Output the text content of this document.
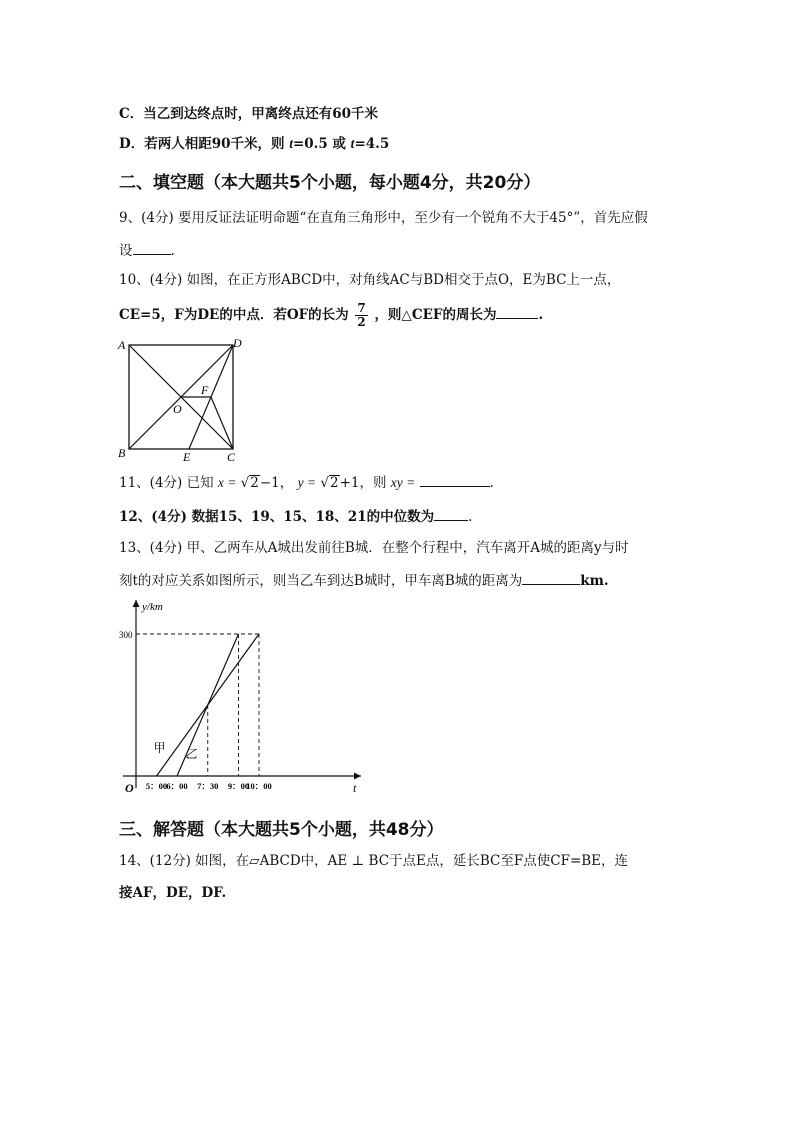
C．当乙到达终点时，甲离终点还有60千米
D．若两人相距90千米，则 t=0.5 或 t=4.5
二、填空题（本大题共5个小题，每小题4分，共20分）
9、(4分) 要用反证法证明命题“在直角三角形中，至少有一个锐角不大于45°”，首先应假
设	.
10、(4分) 如图，在正方形ABCD中，对角线AC与BD相交于点O，E为BC上一点，
CE=5，F为DE的中点．若OF的长为 $\frac{7}{2}$ ，则△CEF的周长为	.
A
B	C
D
O
E
F
11、(4分) 已知 x = √2−1， y = √2+1，则 xy =	.
12、(4分) 数据15、19、15、18、21的中位数为	.
13、(4分) 甲、乙两车从A城出发前往B城．在整个行程中，汽车离开A城的距离y与时
刻t的对应关系如图所示，则当乙车到达B城时，甲车离B城的距离为	km.
y/km
t
O
甲 乙
300
5：00 6：00 7：30 9：00
10：00
三、解答题（本大题共5个小题，共48分）
14、(12分) 如图，在▱ABCD中，AE ⊥ BC于点E点，延长BC至F点使CF=BE，连
接AF，DE，DF.
